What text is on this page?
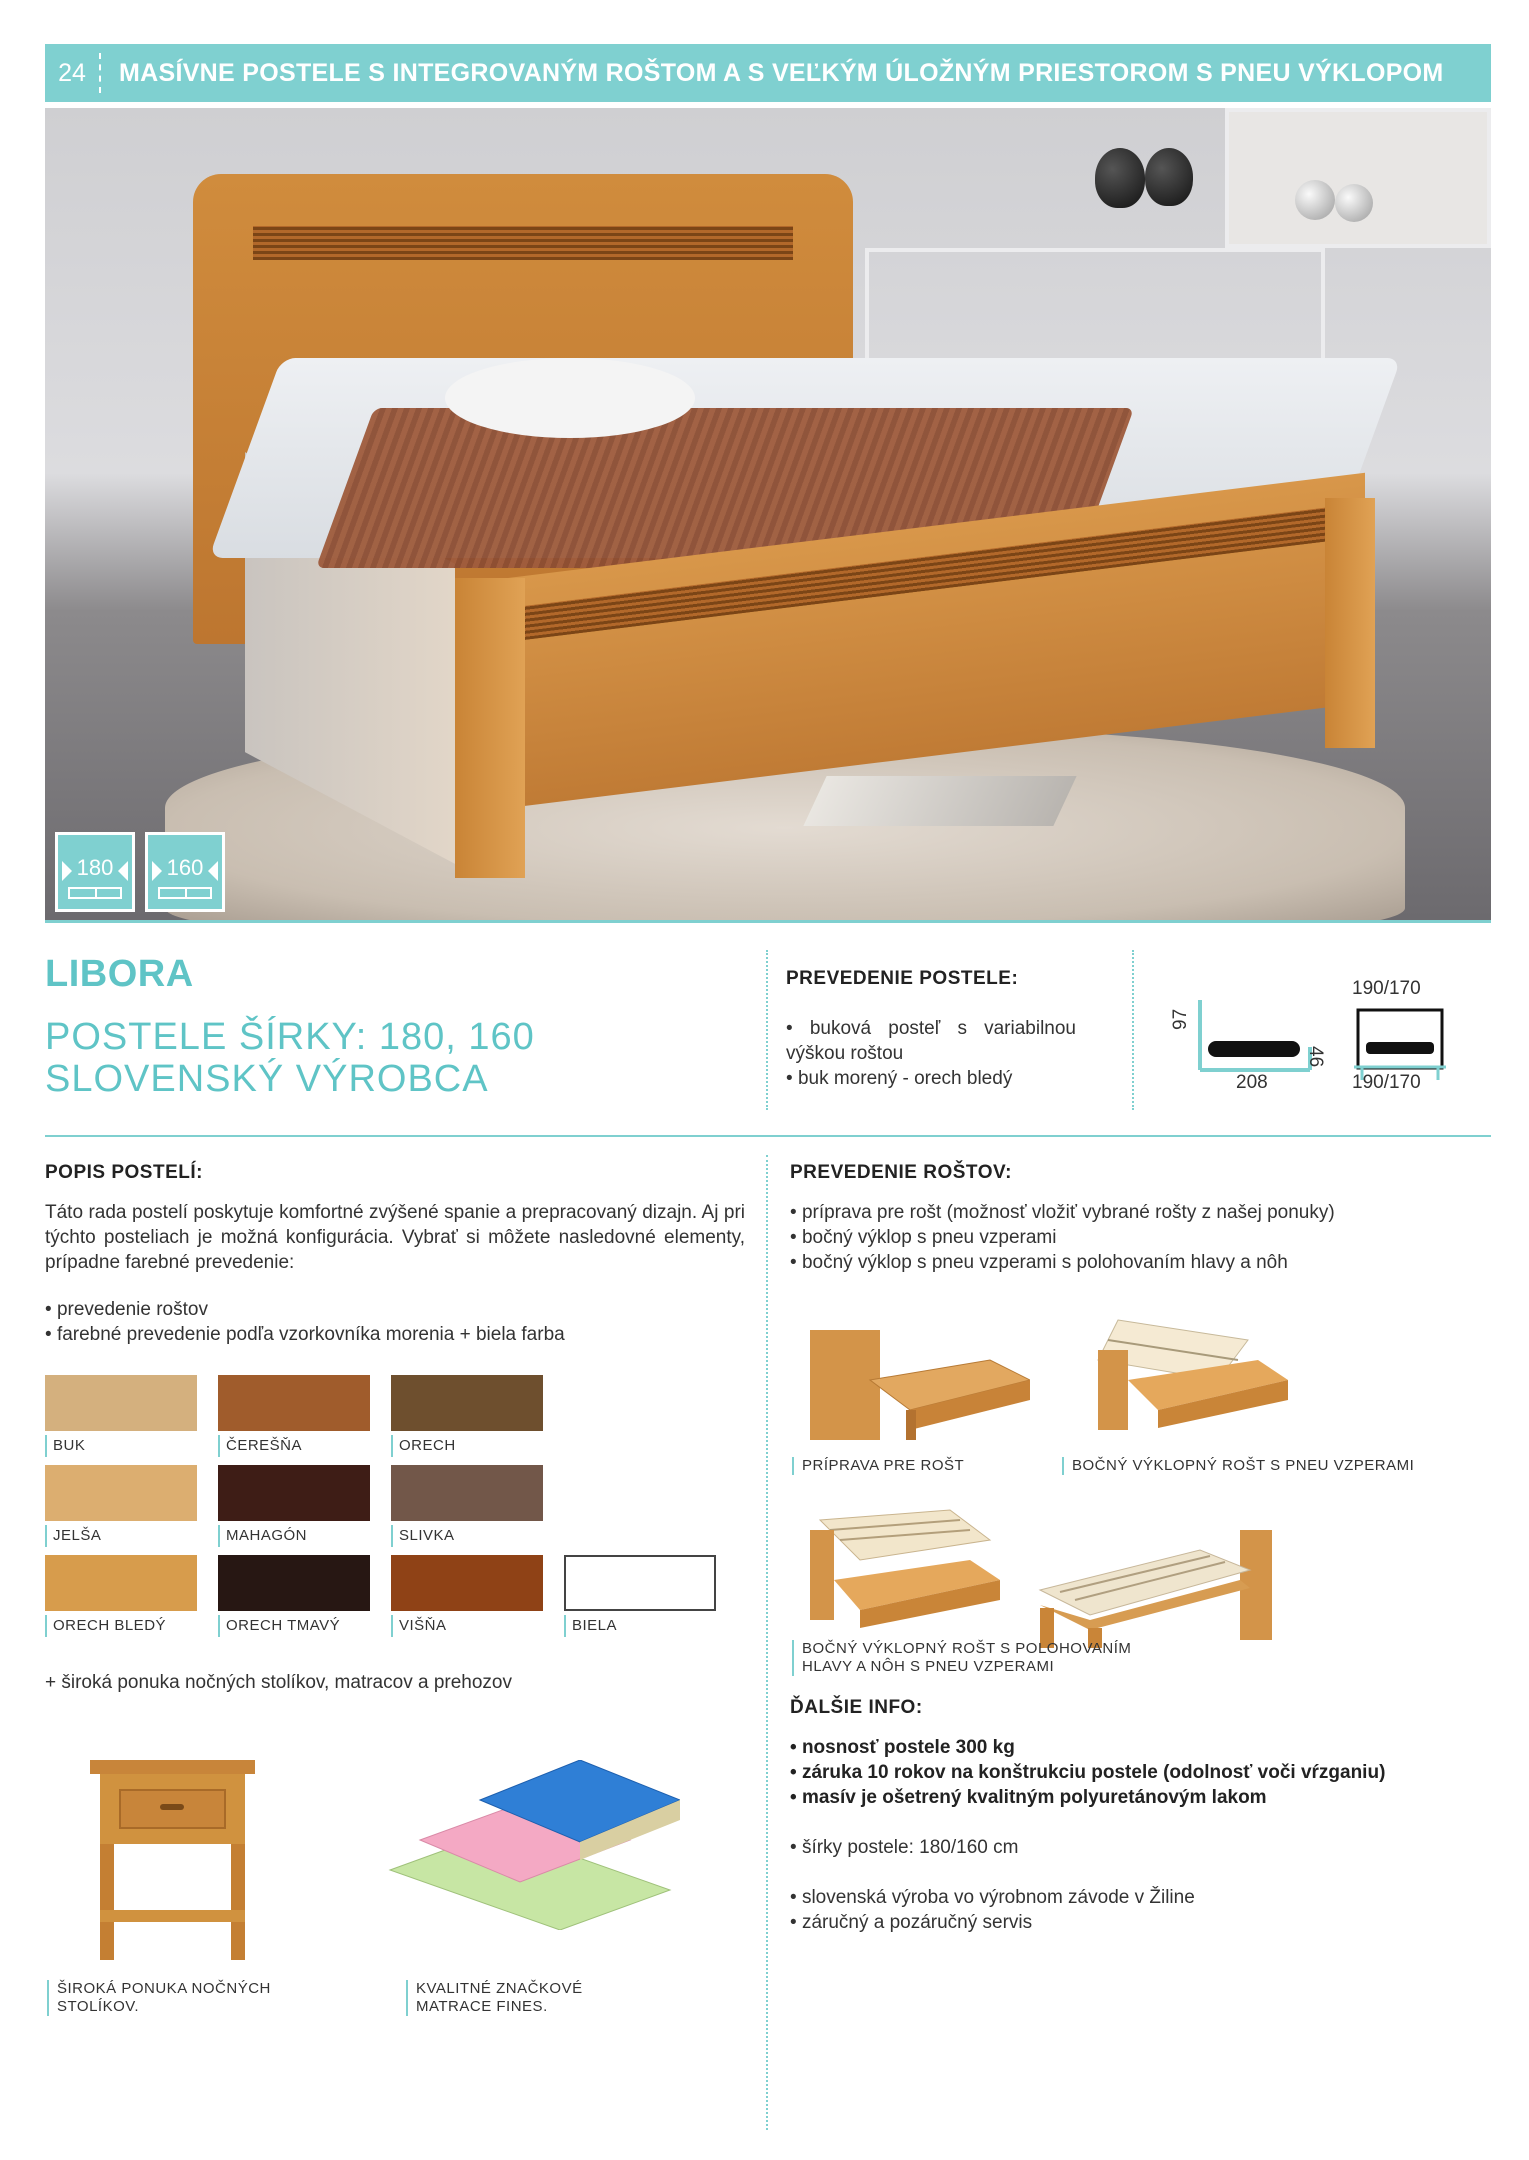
24	MASÍVNE POSTELE S INTEGROVANÝM ROŠTOM A S VEĽKÝM ÚLOŽNÝM PRIESTOROM S PNEU VÝKLOPOM
180	160
LIBORA
POSTELE ŠÍRKY: 180, 160
SLOVENSKÝ VÝROBCA
PREVEDENIE POSTELE:
• buková posteľ s variabilnou výškou roštou
• buk morený - orech bledý
97
46
208
190/170
190/170
POPIS POSTELÍ:
Táto rada postelí poskytuje komfortné zvýšené spanie a prepracovaný dizajn. Aj pri týchto posteliach je možná konfigurácia. Vybrať si môžete nasledovné elementy, prípadne farebné prevedenie:
• prevedenie roštov
• farebné prevedenie podľa vzorkovníka morenia + biela farba
BUK	ČEREŠŇA	ORECH
JELŠA	MAHAGÓN	SLIVKA
ORECH BLEDÝ	ORECH TMAVÝ	VIŠŇA	BIELA
+ široká ponuka nočných stolíkov, matracov a prehozov
ŠIROKÁ PONUKA NOČNÝCH STOLÍKOV.
KVALITNÉ ZNAČKOVÉ MATRACE FINES.
PREVEDENIE ROŠTOV:
• príprava pre rošt (možnosť vložiť vybrané rošty z našej ponuky)
• bočný výklop s pneu vzperami
• bočný výklop s pneu vzperami s polohovaním hlavy a nôh
PRÍPRAVA PRE ROŠT	BOČNÝ VÝKLOPNÝ ROŠT S PNEU VZPERAMI
BOČNÝ VÝKLOPNÝ ROŠT S POLOHOVANÍM HLAVY A NÔH S PNEU VZPERAMI
ĎALŠIE INFO:
• nosnosť postele 300 kg
• záruka 10 rokov na konštrukciu postele (odolnosť voči vŕzganiu)
• masív je ošetrený kvalitným polyuretánovým lakom
• šírky postele: 180/160 cm
• slovenská výroba vo výrobnom závode v Žiline
• záručný a pozáručný servis
